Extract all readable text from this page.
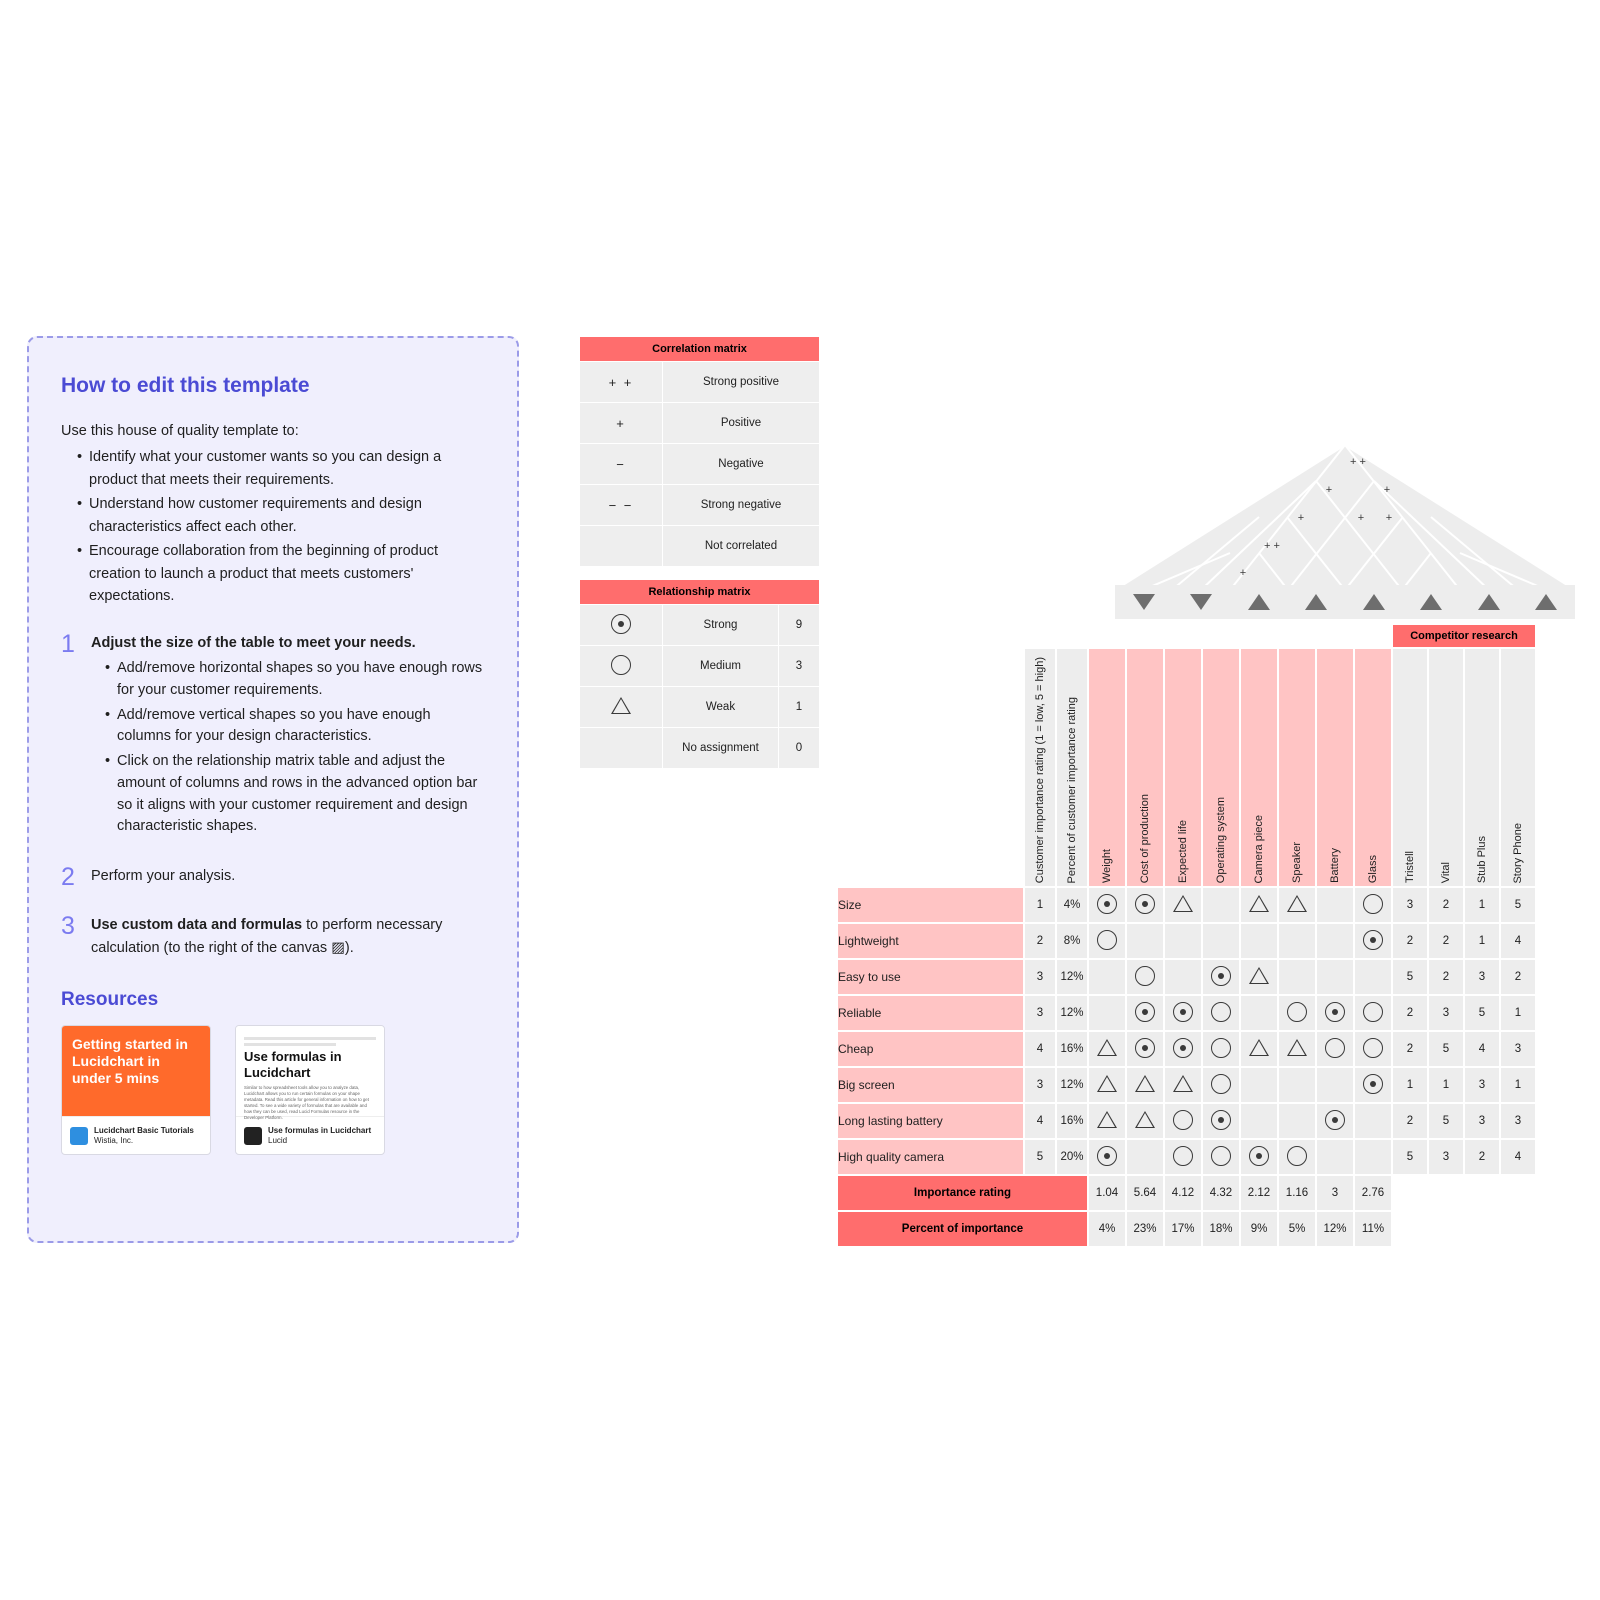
How to edit this template

Use this house of quality template to:

• Identify what your customer wants so you can design a product that meets their requirements.
• Understand how customer requirements and design characteristics affect each other.
• Encourage collaboration from the beginning of product creation to launch a product that meets customers' expectations.
1	Adjust the size of the table to meet your needs.
• Add/remove horizontal shapes so you have enough rows for your customer requirements.
• Add/remove vertical shapes so you have enough columns for your design characteristics.
• Click on the relationship matrix table and adjust the amount of columns and rows in the advanced option bar so it aligns with your customer requirement and design characteristic shapes.
2	Perform your analysis.
3	Use custom data and formulas to perform necessary calculation (to the right of the canvas ▨).
Resources
Getting started in Lucidchart in under 5 mins
Lucidchart Basic Tutorials
Wistia, Inc.
Use formulas in Lucidchart
Similar to how spreadsheet tools allow you to analyze data, Lucidchart allows you to run certain formulas on your shape metadata. Read this article for general information on how to get started. To see a wide variety of formulas that are available and how they can be used, read Lucid Formulas resource in the Developer Platform.
Use formulas in Lucidchart
Lucid
Correlation matrix	
+ +	Strong positive
+	Positive
−	Negative
− −	Strong negative
	Not correlated
Relationship matrix		
	Strong	9
	Medium	3
	Weak	1
	No assignment	0
+ +
+	+
+	+ +
+ +
+
											Competitor research			
	Customer importance rating (1 = low, 5 = high)	Percent of customer importance rating	Weight	Cost of production	Expected life	Operating system	Camera piece	Speaker	Battery	Glass	Tristell	Vital	Stub Plus	Story Phone
Size	1	4%									3	2	1	5
Lightweight	2	8%									2	2	1	4
Easy to use	3	12%									5	2	3	2
Reliable	3	12%									2	3	5	1
Cheap	4	16%									2	5	4	3
Big screen	3	12%									1	1	3	1
Long lasting battery	4	16%									2	5	3	3
High quality camera	5	20%									5	3	2	4
Importance rating			1.04	5.64	4.12	4.32	2.12	1.16	3	2.76				
Percent of importance			4%	23%	17%	18%	9%	5%	12%	11%				
